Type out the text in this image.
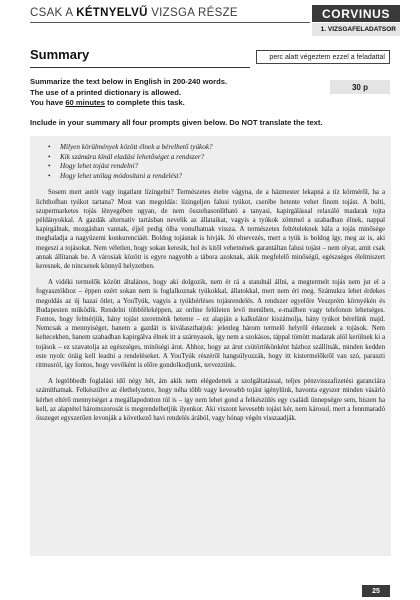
CSAK A KÉTNYELVŰ VIZSGA RÉSZE	CORVINUS
1. VIZSGAFELADATSOR
Summary	perc alatt végeztem ezzel a feladattal

Summarize the text below in English in 200-240 words.

The use of a printed dictionary is allowed.

You have 60 minutes to complete this task.

30 p
Include in your summary all four prompts given below. Do NOT translate the text.
• Milyen körülmények között élnek a bérelhető tyúkok?
• Kik számára kínál eladási lehetőséget a rendszer?
• Hogy lehet tojást rendelni?
• Hogy lehet utólag módosítani a rendelést?

Sosem mert autót vagy ingatlant lízingelni? Természetes ételre vágyna, de a házmester lekapná a tíz körméről, ha a lichthofban tyúkot tartana? Most van megoldás: lízingeljen falusi tyúkot, cserébe hetente vehet finom tojást. A bolti, szupermarketes tojás lényegében ugyan, de nem összehasonlítható a tanyasi, kapirgálással relaxáló madarak tojta példányokkal. A gazdák alternatív tartásban nevelik az állataikat, vagyis a tyúkok zömmel a szabadban élnek, nappal kapirgálnak, mozgásban vannak, éjjel pedig ólba vonulhatnak vissza. A természetes feltételeknek hála a tojás minősége meghaladja a nagyüzemi konkurenciáét. Boldog tojásnak is hívják. Jó elnevezés, mert a tyúk is boldog így, meg az is, aki megeszi a tojásokat. Nem véletlen, hogy sokan keresik, hol és kitől vehetnének garantáltan falusi tojást – nem olyat, amit csak annak állítanak be. A városiak között is egyre nagyobb a tábora azoknak, akik megfelelő minőségű, egészséges élelmiszert keresnek, de nincsenek könnyű helyzetben.

A vidéki termelők között általános, hogy aki dolgozik, nem ér rá a standnál állni, a megtermelt tojás nem jut el a fogyasztókhoz – éppen ezért sokan nem is foglalkoznak tyúkokkal, állatokkal, mert nem éri meg. Számukra lehet érdekes megoldás az új hazai ötlet, a YouTyúk, vagyis a tyúkbérléses tojásrendelés. A rendszer egyelőre Veszprém környékén és Budapesten működik. Rendelni többféleképpen, az online felületen levő menüben, e-mailben vagy telefonon lehetséges. Fontos, hogy felmérjük, hány tojást szeretnénk hetente – ez alapján a kalkulátor kiszámolja, hány tyúkot bérelünk majd. Nemcsak a mennyiséget, hanem a gazdát is kiválaszthatjuk: jelenleg három termelő helyről érkeznek a tojások. Nem keltecekben, hanem szabadban kapirgálva élnek itt a szárnyasok, így nem a szokásos, táppal tömött madarak alól kerülnek ki a tojások – ez szavatolja az egészséges, minőségi árut. Ahhoz, hogy az árut csütörtökönként házhoz szállítsák, minden kedden este nyolc óráig kell leadni a rendeléseket. A YouTyúk részéről hangsúlyozzák, hogy itt kistermelőkről van szó, paraszti ritmusról, így fontos, hogy vevőként is előre gondolkodjunk, tervezzünk.

A legtöbbedb foglalási idő négy hét, ám akik nem elégedettek a szolgáltatással, teljes pénzvisszafizetési garanciára számíthatnak. Felkészülve az élethelyzetre, hogy néha több vagy kevesebb tojást igénylünk, havonta egyszer minden vásárló kérhet eltérő mennyiséget a megállapodotton túl is – így nem lehet gond a felkészülés egy családi ünnepségre sem, hiszen ha kell, az alaptétel háromszorosát is megrendelhetjük ilyenkor. Aki viszont kevesebb tojást kér, nem károsul, mert a fennmaradó összeget egyszerűen levonják a következő havi rendelés árából, vagy hónap végén visszaadják.

25
